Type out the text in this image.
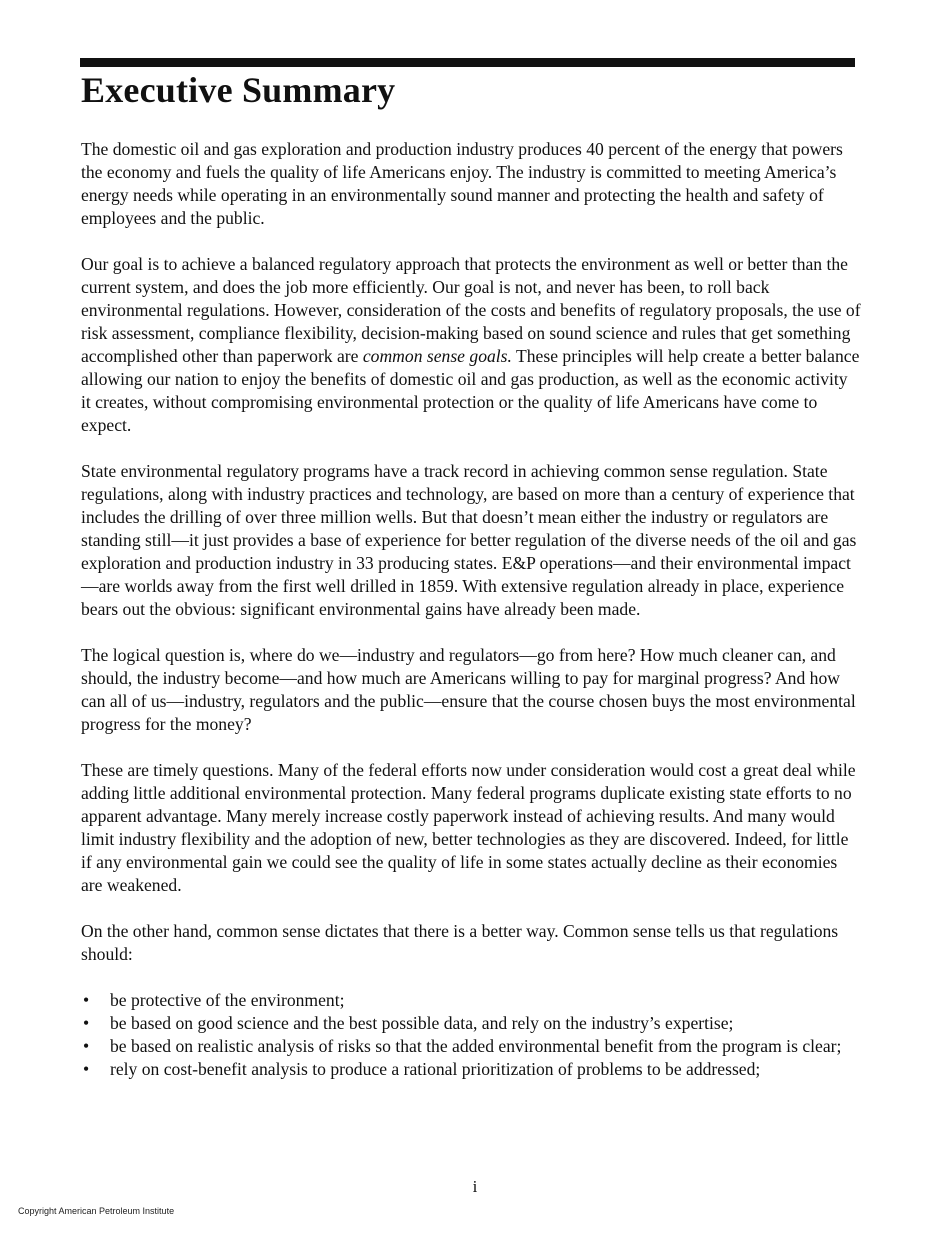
Executive Summary

The domestic oil and gas exploration and production industry produces 40 percent of the energy that powers the economy and fuels the quality of life Americans enjoy. The industry is committed to meeting America’s energy needs while operating in an environmentally sound manner and protecting the health and safety of employees and the public.

Our goal is to achieve a balanced regulatory approach that protects the environment as well or better than the current system, and does the job more efficiently. Our goal is not, and never has been, to roll back environmental regulations. However, consideration of the costs and benefits of regulatory proposals, the use of risk assessment, compliance flexibility, decision-making based on sound science and rules that get something accomplished other than paperwork are common sense goals. These principles will help create a better balance allowing our nation to enjoy the benefits of domestic oil and gas production, as well as the economic activity it creates, without compromising environmental protection or the quality of life Americans have come to expect.

State environmental regulatory programs have a track record in achieving common sense regulation. State regulations, along with industry practices and technology, are based on more than a century of experience that includes the drilling of over three million wells. But that doesn’t mean either the industry or regulators are standing still—it just provides a base of experience for better regulation of the diverse needs of the oil and gas exploration and production industry in 33 producing states. E&P operations—and their environmental impact—are worlds away from the first well drilled in 1859. With extensive regulation already in place, experience bears out the obvious: significant environmental gains have already been made.

The logical question is, where do we—industry and regulators—go from here? How much cleaner can, and should, the industry become—and how much are Americans willing to pay for marginal progress? And how can all of us—industry, regulators and the public—ensure that the course chosen buys the most environmental progress for the money?

These are timely questions. Many of the federal efforts now under consideration would cost a great deal while adding little additional environmental protection. Many federal programs duplicate existing state efforts to no apparent advantage. Many merely increase costly paperwork instead of achieving results. And many would limit industry flexibility and the adoption of new, better technologies as they are discovered. Indeed, for little if any environmental gain we could see the quality of life in some states actually decline as their economies are weakened.

On the other hand, common sense dictates that there is a better way. Common sense tells us that regulations should:

• be protective of the environment;
• be based on good science and the best possible data, and rely on the industry’s expertise;
• be based on realistic analysis of risks so that the added environmental benefit from the program is clear;
• rely on cost-benefit analysis to produce a rational prioritization of problems to be addressed;
i
Copyright American Petroleum Institute
